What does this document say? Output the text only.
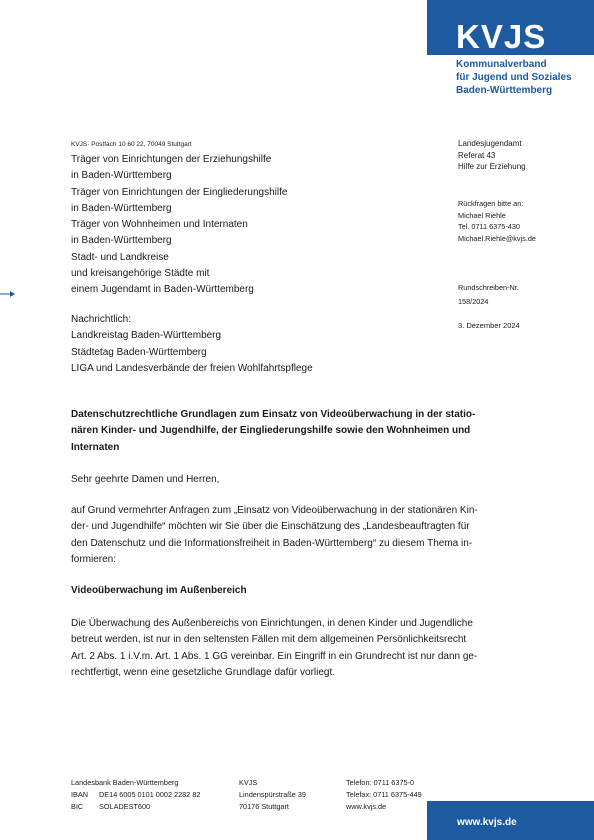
KVJS
Kommunalverband
für Jugend und Soziales
Baden-Württemberg
KVJS· Postfach 10 60 22, 70049 Stuttgart
Träger von Einrichtungen der Erziehungshilfe
in Baden-Württemberg
Träger von Einrichtungen der Eingliederungshilfe
in Baden-Württemberg
Träger von Wohnheimen und Internaten
in Baden-Württemberg
Stadt- und Landkreise
und kreisangehörige Städte mit
einem Jugendamt in Baden-Württemberg
Nachrichtlich:
Landkreistag Baden-Württemberg
Städtetag Baden-Württemberg
LIGA und Landesverbände der freien Wohlfahrtspflege
Landesjugendamt
Referat 43
Hilfe zur Erziehung
Rückfragen bitte an:
Michael Riehle
Tel. 0711 6375-430
Michael.Riehle@kvjs.de
Rundschreiben-Nr.
158/2024
3. Dezember 2024
Datenschutzrechtliche Grundlagen zum Einsatz von Videoüberwachung in der statio-
nären Kinder- und Jugendhilfe, der Eingliederungshilfe sowie den Wohnheimen und
Internaten
Sehr geehrte Damen und Herren,
auf Grund vermehrter Anfragen zum „Einsatz von Videoüberwachung in der stationären Kin-
der- und Jugendhilfe“ möchten wir Sie über die Einschätzung des „Landesbeauftragten für
den Datenschutz und die Informationsfreiheit in Baden-Württemberg“ zu diesem Thema in-
formieren:
Videoüberwachung im Außenbereich
Die Überwachung des Außenbereichs von Einrichtungen, in denen Kinder und Jugendliche
betreut werden, ist nur in den seltensten Fällen mit dem allgemeinen Persönlichkeitsrecht
Art. 2 Abs. 1 i.V.m. Art. 1 Abs. 1 GG vereinbar. Ein Eingriff in ein Grundrecht ist nur dann ge-
rechtfertigt, wenn eine gesetzliche Grundlage dafür vorliegt.
Landesbank Baden-Württemberg
IBAN DE14 6005 0101 0002 2282 82
BIC SOLADEST600
KVJS
Lindenspürstraße 39
70176 Stuttgart
Telefon: 0711 6375-0
Telefax: 0711 6375-449
www.kvjs.de
www.kvjs.de
